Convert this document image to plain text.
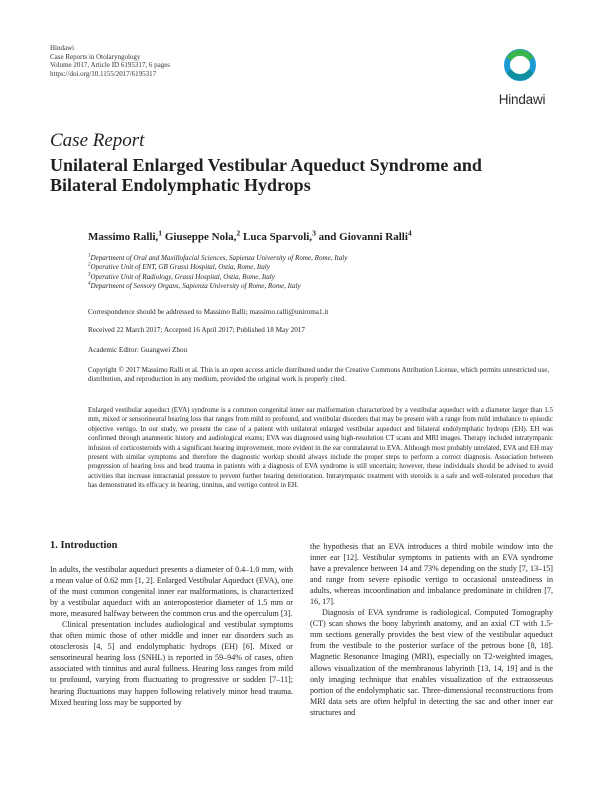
Hindawi
Case Reports in Otolaryngology
Volume 2017, Article ID 6195317, 6 pages
https://doi.org/10.1155/2017/6195317
Hindawi
Case Report
Unilateral Enlarged Vestibular Aqueduct Syndrome and Bilateral Endolymphatic Hydrops
Massimo Ralli,$^1$ Giuseppe Nola,$^2$ Luca Sparvoli,$^3$ and Giovanni Ralli$^4$
$^1$Department of Oral and Maxillofacial Sciences, Sapienza University of Rome, Rome, Italy
$^2$Operative Unit of ENT, GB Grassi Hospital, Ostia, Rome, Italy
$^3$Operative Unit of Radiology, Grassi Hospital, Ostia, Rome, Italy
$^4$Department of Sensory Organs, Sapienza University of Rome, Rome, Italy
Correspondence should be addressed to Massimo Ralli; massimo.ralli@uniroma1.it
Received 22 March 2017; Accepted 16 April 2017; Published 18 May 2017
Academic Editor: Guangwei Zhou
Copyright © 2017 Massimo Ralli et al. This is an open access article distributed under the Creative Commons Attribution License, which permits unrestricted use, distribution, and reproduction in any medium, provided the original work is properly cited.
Enlarged vestibular aqueduct (EVA) syndrome is a common congenital inner ear malformation characterized by a vestibular aqueduct with a diameter larger than 1.5 mm, mixed or sensorineural hearing loss that ranges from mild to profound, and vestibular disorders that may be present with a range from mild imbalance to episodic objective vertigo. In our study, we present the case of a patient with unilateral enlarged vestibular aqueduct and bilateral endolymphatic hydrops (EH). EH was confirmed through anamnestic history and audiological exams; EVA was diagnosed using high-resolution CT scans and MRI images. Therapy included intratympanic infusion of corticosteroids with a significant hearing improvement, more evident in the ear contralateral to EVA. Although most probably unrelated, EVA and EH may present with similar symptoms and therefore the diagnostic workup should always include the proper steps to perform a correct diagnosis. Association between progression of hearing loss and head trauma in patients with a diagnosis of EVA syndrome is still uncertain; however, these individuals should be advised to avoid activities that increase intracranial pressure to prevent further hearing deterioration. Intratympanic treatment with steroids is a safe and well-tolerated procedure that has demonstrated its efficacy in hearing, tinnitus, and vertigo control in EH.
1. Introduction

In adults, the vestibular aqueduct presents a diameter of 0.4–1.0 mm, with a mean value of 0.62 mm [1, 2]. Enlarged Vestibular Aqueduct (EVA), one of the most common congenital inner ear malformations, is characterized by a vestibular aqueduct with an anteroposterior diameter of 1.5 mm or more, measured halfway between the common crus and the operculum [3].

Clinical presentation includes audiological and vestibular symptoms that often mimic those of other middle and inner ear disorders such as otosclerosis [4, 5] and endolymphatic hydrops (EH) [6]. Mixed or sensorineural hearing loss (SNHL) is reported in 59–94% of cases, often associated with tinnitus and aural fullness. Hearing loss ranges from mild to profound, varying from fluctuating to progressive or sudden [7–11]; hearing fluctuations may happen following relatively minor head trauma. Mixed hearing loss may be supported by

the hypothesis that an EVA introduces a third mobile window into the inner ear [12]. Vestibular symptoms in patients with an EVA syndrome have a prevalence between 14 and 73% depending on the study [7, 13–15] and range from severe episodic vertigo to occasional unsteadiness in adults, whereas incoordination and imbalance predominate in children [7, 16, 17].

Diagnosis of EVA syndrome is radiological. Computed Tomography (CT) scan shows the bony labyrinth anatomy, and an axial CT with 1.5-mm sections generally provides the best view of the vestibular aqueduct from the vestibule to the posterior surface of the petrous bone [8, 18]. Magnetic Resonance Imaging (MRI), especially on T2-weighted images, allows visualization of the membranous labyrinth [13, 14, 19] and is the only imaging technique that enables visualization of the extraosseous portion of the endolymphatic sac. Three-dimensional reconstructions from MRI data sets are often helpful in detecting the sac and other inner ear structures and
